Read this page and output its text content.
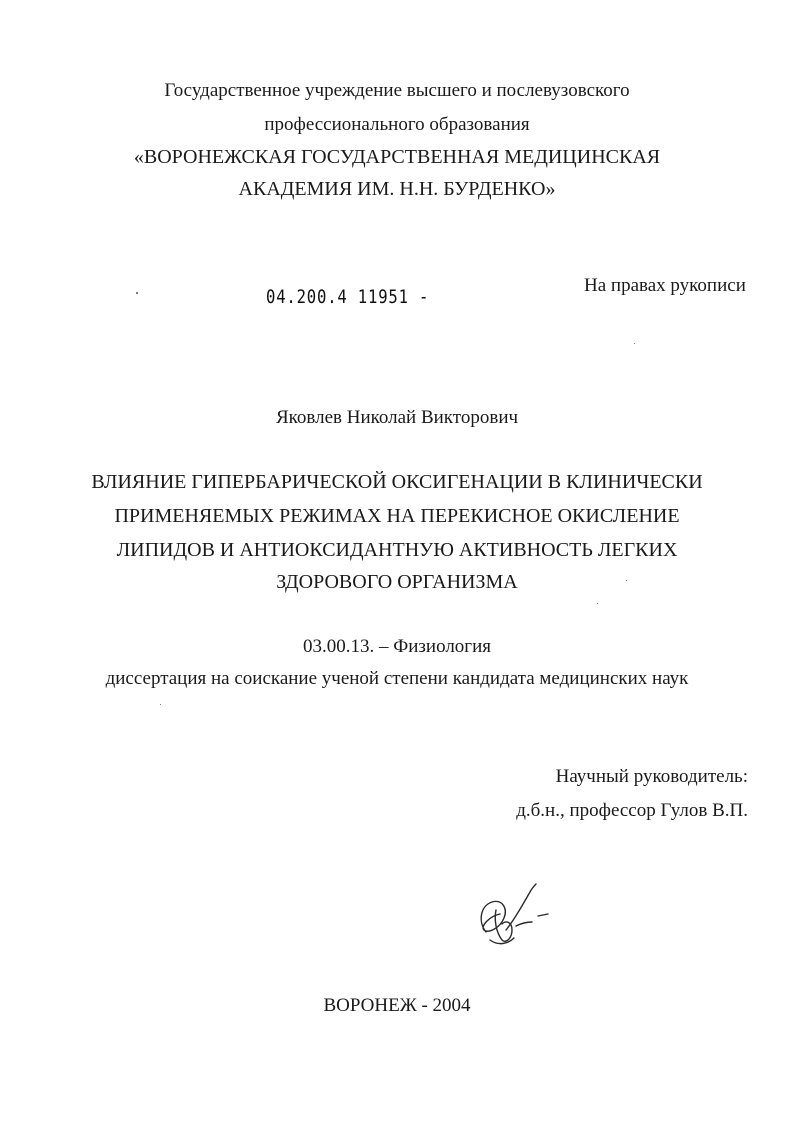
Государственное учреждение высшего и послевузовского
профессионального образования
«ВОРОНЕЖСКАЯ ГОСУДАРСТВЕННАЯ МЕДИЦИНСКАЯ
АКАДЕМИЯ ИМ. Н.Н. БУРДЕНКО»
04.200.4 11951 -
На правах рукописи
Яковлев Николай Викторович
ВЛИЯНИЕ ГИПЕРБАРИЧЕСКОЙ ОКСИГЕНАЦИИ В КЛИНИЧЕСКИ
ПРИМЕНЯЕМЫХ РЕЖИМАХ НА ПЕРЕКИСНОЕ ОКИСЛЕНИЕ
ЛИПИДОВ И АНТИОКСИДАНТНУЮ АКТИВНОСТЬ ЛЕГКИХ
ЗДОРОВОГО ОРГАНИЗМА
03.00.13. – Физиология
диссертация на соискание ученой степени кандидата медицинских наук
Научный руководитель:
д.б.н., профессор Гулов В.П.
ВОРОНЕЖ - 2004
